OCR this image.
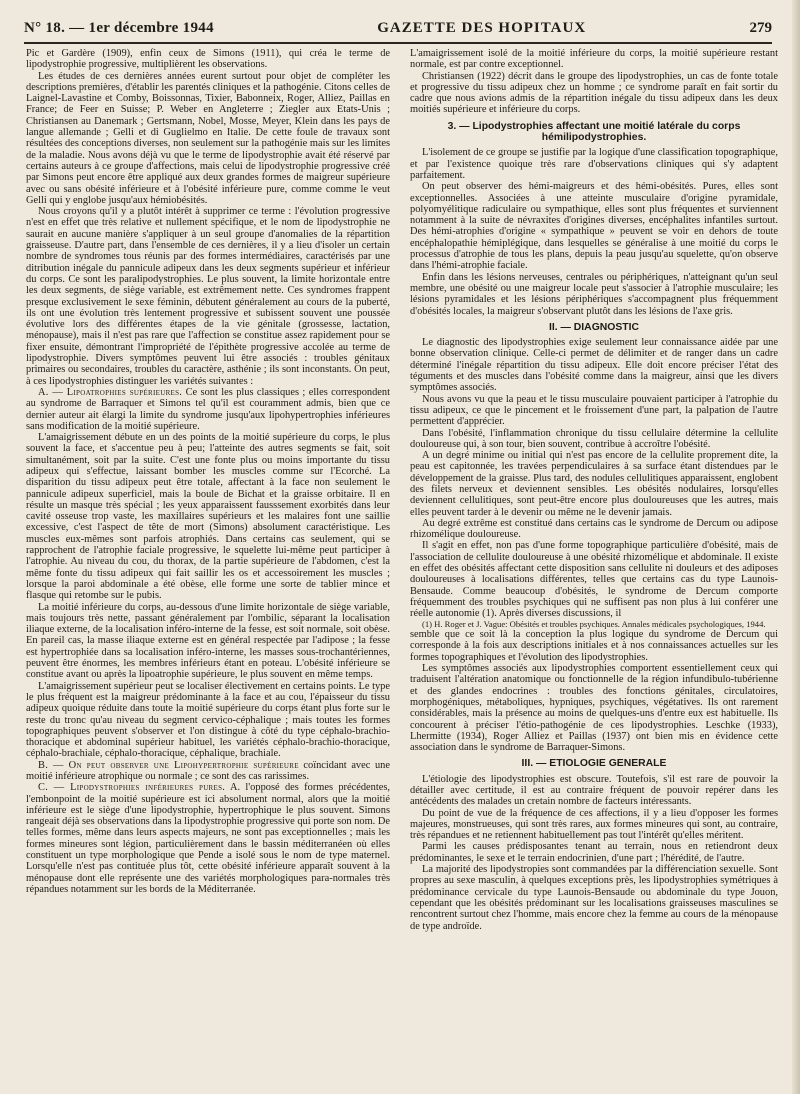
N° 18. — 1er décembre 1944	GAZETTE DES HOPITAUX	279

Pic et Gardère (1909), enfin ceux de Simons (1911), qui créa le terme de lipodystrophie progressive, multiplièrent les observations.

Les études de ces dernières années eurent surtout pour objet de compléter les descriptions premières, d'établir les parentés cliniques et la pathogénie. Citons celles de Laignel-Lavastine et Comby, Boissonnas, Tixier, Babonneix, Roger, Alliez, Paillas en France; de Feer en Suisse; P. Weber en Angleterre ; Ziegler aux Etats-Unis ; Christiansen au Danemark ; Gertsmann, Nobel, Mosse, Meyer, Klein dans les pays de langue allemande ; Gelli et di Guglielmo en Italie. De cette foule de travaux sont résultées des conceptions diverses, non seulement sur la pathogénie mais sur les limites de la maladie. Nous avons déjà vu que le terme de lipodystrophie avait été réservé par certains auteurs à ce groupe d'affections, mais celui de lipodystrophie progressive créé par Simons peut encore être appliqué aux deux grandes formes de maigreur supérieure avec ou sans obésité inférieure et à l'obésité inférieure pure, comme comme le veut Gelli qui y englobe jusqu'aux hémiobésités.

Nous croyons qu'il y a plutôt intérêt à supprimer ce terme : l'évolution progressive n'est en effet que très relative et nullement spécifique, et le nom de lipodystrophie ne saurait en aucune manière s'appliquer à un seul groupe d'anomalies de la répartition graisseuse. D'autre part, dans l'ensemble de ces dernières, il y a lieu d'isoler un certain nombre de syndromes tous réunis par des formes intermédiaires, caractérisés par une ditribution inégale du pannicule adipeux dans les deux segments supérieur et inférieur du corps. Ce sont les paralipodystrophies. Le plus souvent, la limite horizontale entre les deux segments, de siège variable, est extrêmement nette. Ces syndromes frappent presque exclusivement le sexe féminin, débutent généralement au cours de la puberté, ils ont une évolution très lentement progressive et subissent souvent une poussée évolutive lors des différentes étapes de la vie génitale (grossesse, lactation, ménopause), mais il n'est pas rare que l'affection se constitue assez rapidement pour se fixer ensuite, démontrant l'impropriété de l'épithète progressive accolée au terme de lipodystrophie. Divers symptômes peuvent lui être associés : troubles génitaux primaires ou secondaires, troubles du caractère, asthénie ; ils sont inconstants. On peut, à ces lipodystrophies distinguer les variétés suivantes :

A. — Lipoatrophies supérieures. Ce sont les plus classiques ; elles correspondent au syndrome de Barraquer et Simons tel qu'il est couramment admis, bien que ce dernier auteur ait élargi la limite du syndrome jusqu'aux lipohypertrophies inférieures sans modification de la moitié supérieure.

L'amaigrissement débute en un des points de la moitié supérieure du corps, le plus souvent la face, et s'accentue peu à peu; l'atteinte des autres segments se fait, soit simultanément, soit par la suite. C'est une fonte plus ou moins importante du tissu adipeux qui s'effectue, laissant bomber les muscles comme sur l'Ecorché. La disparition du tissu adipeux peut être totale, affectant à la face non seulement le pannicule adipeux superficiel, mais la boule de Bichat et la graisse orbitaire. Il en résulte un masque très spécial ; les yeux apparaissent fausssement exorbités dans leur cavité osseuse trop vaste, les maxillaires supérieurs et les malaires font une saillie excessive, c'est l'aspect de tête de mort (Simons) absolument caractéristique. Les muscles eux-mêmes sont parfois atrophiés. Dans certains cas seulement, qui se rapprochent de l'atrophie faciale progressive, le squelette lui-même peut participer à l'atrophie. Au niveau du cou, du thorax, de la partie supérieure de l'abdomen, c'est la même fonte du tissu adipeux qui fait saillir les os et accessoirement les muscles ; lorsque la paroi abdominale a été obèse, elle forme une sorte de tablier mince et flasque qui retombe sur le pubis.

La moitié inférieure du corps, au-dessous d'une limite horizontale de siège variable, mais toujours très nette, passant généralement par l'ombilic, séparant la localisation iliaque externe, de la localisation inféro-interne de la fesse, est soit normale, soit obèse. En pareil cas, la masse iliaque externe est en général respectée par l'adipose ; la fesse est hypertrophiée dans sa localisation inféro-interne, les masses sous-trochantériennes, peuvent être énormes, les membres inférieurs étant en poteau. L'obésité inférieure se constitue avant ou après la lipoatrophie supérieure, le plus souvent en même temps.

L'amaigrissement supérieur peut se localiser électivement en certains points. Le type le plus fréquent est la maigreur prédominante à la face et au cou, l'épaisseur du tissu adipeux quoique réduite dans toute la moitié supérieure du corps étant plus forte sur le reste du tronc qu'au niveau du segment cervico-céphalique ; mais toutes les formes topographiques peuvent s'observer et l'on distingue à côté du type céphalo-brachio-thoracique et abdominal supérieur habituel, les variétés céphalo-brachio-thoracique, céphalo-brachiale, céphalo-thoracique, céphalique, brachiale.

B. — On peut observer une Lipohypertrophie supérieure coïncidant avec une moitié inférieure atrophique ou normale ; ce sont des cas rarissimes.

C. — Lipodystrophies inférieures pures. A. l'opposé des formes précédentes, l'embonpoint de la moitié supérieure est ici absolument normal, alors que la moitié inférieure est le siège d'une lipodystrophie, hypertrophique le plus souvent. Simons rangeait déjà ses observations dans la lipodystrophie progressive qui porte son nom. De telles formes, même dans leurs aspects majeurs, ne sont pas exceptionnelles ; mais les formes mineures sont légion, particulièrement dans le bassin méditerranéen où elles constituent un type morphologique que Pende a isolé sous le nom de type maternel. Lorsqu'elle n'est pas contituée plus tôt, cette obésité inférieure apparaît souvent à la ménopause dont elle représente une des variétés morphologiques para-normales très répandues notamment sur les bords de la Méditerranée.

L'amaigrissement isolé de la moitié inférieure du corps, la moitié supérieure restant normale, est par contre exceptionnel.

Christiansen (1922) décrit dans le groupe des lipodystrophies, un cas de fonte totale et progressive du tissu adipeux chez un homme ; ce syndrome paraît en fait sortir du cadre que nous avions admis de la répartition inégale du tissu adipeux dans les deux moitiés supérieure et inférieure du corps.

3. — Lipodystrophies affectant une moitié latérale du corps hémilipodystrophies.

L'isolement de ce groupe se justifie par la logique d'une classification topographique, et par l'existence quoique très rare d'observations cliniques qui s'y adaptent parfaitement.

On peut observer des hémi-maigreurs et des hémi-obésités. Pures, elles sont exceptionnelles. Associées à une atteinte musculaire d'origine pyramidale, polyomyélitique radiculaire ou sympathique, elles sont plus fréquentes et surviennent notamment à la suite de névraxites d'origines diverses, encéphalites infantiles surtout. Des hémi-atrophies d'origine « sympathique » peuvent se voir en dehors de toute encéphalopathie hémiplégique, dans lesquelles se généralise à une moitié du corps le processus d'atrophie de tous les plans, depuis la peau jusqu'au squelette, qu'on observe dans l'hémi-atrophie faciale.

Enfin dans les lésions nerveuses, centrales ou périphériques, n'atteignant qu'un seul membre, une obésité ou une maigreur locale peut s'associer à l'atrophie musculaire; les lésions pyramidales et les lésions périphériques s'accompagnent plus fréquemment d'obésités locales, la maigreur s'observant plutôt dans les lésions de l'axe gris.

II. — DIAGNOSTIC

Le diagnostic des lipodystrophies exige seulement leur connaissance aidée par une bonne observation clinique. Celle-ci permet de délimiter et de ranger dans un cadre déterminé l'inégale répartition du tissu adipeux. Elle doit encore préciser l'état des téguments et des muscles dans l'obésité comme dans la maigreur, ainsi que les divers symptômes associés.

Nous avons vu que la peau et le tissu musculaire pouvaient participer à l'atrophie du tissu adipeux, ce que le pincement et le froissement d'une part, la palpation de l'autre permettent d'apprécier.

Dans l'obésité, l'inflammation chronique du tissu cellulaire détermine la cellulite douloureuse qui, à son tour, bien souvent, contribue à accroître l'obésité.

A un degré minime ou initial qui n'est pas encore de la cellulite proprement dite, la peau est capitonnée, les travées perpendiculaires à sa surface étant distendues par le développement de la graisse. Plus tard, des nodules cellulitiques apparaissent, englobent des filets nerveux et deviennent sensibles. Les obésités nodulaires, lorsqu'elles deviennent cellulitiques, sont peut-être encore plus douloureuses que les autres, mais elles peuvent tarder à le devenir ou même ne le devenir jamais.

Au degré extrême est constitué dans certains cas le syndrome de Dercum ou adipose rhizomélique douloureuse.

Il s'agit en effet, non pas d'une forme topographique particulière d'obésité, mais de l'association de cellulite douloureuse à une obésité rhizomélique et abdominale. Il existe en effet des obésités affectant cette disposition sans cellulite ni douleurs et des adiposes douloureuses à localisations différentes, telles que certains cas du type Launois-Bensaude. Comme beaucoup d'obésités, le syndrome de Dercum comporte fréquemment des troubles psychiques qui ne suffisent pas non plus à lui conférer une réelle autonomie (1). Après diverses discussions, il

(1) H. Roger et J. Vague: Obésités et troubles psychiques. Annales médicales psychologiques, 1944.

semble que ce soit là la conception la plus logique du syndrome de Dercum qui corresponde à la fois aux descriptions initiales et à nos connaissances actuelles sur les formes topographiques et l'évolution des lipodystrophies.

Les symptômes associés aux lipodystrophies comportent essentiellement ceux qui traduisent l'altération anatomique ou fonctionnelle de la région infundibulo-tubérienne et des glandes endocrines : troubles des fonctions génitales, circulatoires, morphogéniques, métaboliques, hypniques, psychiques, végétatives. Ils ont rarement considérables, mais la présence au moins de quelques-uns d'entre eux est habituelle. Ils concourent à préciser l'étio-pathogénie de ces lipodystrophies. Leschke (1933), Lhermitte (1934), Roger Alliez et Paillas (1937) ont bien mis en évidence cette association dans le syndrome de Barraquer-Simons.

III. — ETIOLOGIE GENERALE

L'étiologie des lipodystrophies est obscure. Toutefois, s'il est rare de pouvoir la détailler avec certitude, il est au contraire fréquent de pouvoir repérer dans les antécédents des malades un cretain nombre de facteurs intéressants.

Du point de vue de la fréquence de ces affections, il y a lieu d'opposer les formes majeures, monstrueuses, qui sont très rares, aux formes mineures qui sont, au contraire, très répandues et ne retiennent habituellement pas tout l'intérêt qu'elles méritent.

Parmi les causes prédisposantes tenant au terrain, nous en retiendront deux prédominantes, le sexe et le terrain endocrinien, d'une part ; l'hérédité, de l'autre.

La majorité des lipodystropies sont commandées par la différenciation sexuelle. Sont propres au sexe masculin, à quelques exceptions près, les lipodystrophies symétriques à prédominance cervicale du type Launois-Bensaude ou abdominale du type Jouon, cependant que les obésités prédominant sur les localisations graisseuses masculines se rencontrent surtout chez l'homme, mais encore chez la femme au cours de la ménopause de type androïde.
